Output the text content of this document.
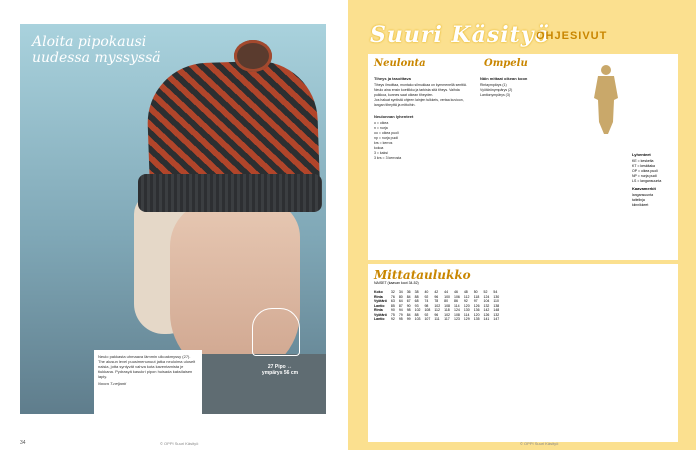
Aloita pipokausi uudessa myssyssä
27 Pipo ↔
ympärys 56 cm
Neulo pakkasta uhmaava lämmin ulkoakmyssy (27). The alusun level puusimenunuut jatka neuloima uloselt naisia, jotta syntyvät vahva kota kaventamista je tiukkana. Pydrasyä kasukri pipon huisada kaksilaisen lapiy.
Noora T-neljanti
34	© OPPI Suuri Käsityö
Suuri Käsityö
OHJESIVUT
Neulonta
Tiheys ja tasoittava
Tiheys ilmoittaa, montako silmukkaa on kymmenellä senttiä.
Neulo aina ensin koetilkku ja tarkista sitä tiheys. Vaihda puikkoa, kunnes saat oikean tiheyden.
Jos haluat syntistä ohjeen lainjen tulkkeis, vertaa kuvioon, langan tiheyttä ja mittoihin.
Neulonnan lyhenteet
o = oikea
n = nurja
oo = oikea puoli
np = nurja puoli
krs = kerros
kokoa
3 = kaksi
3 krs = 3 kerrosta
Ompelu
Näin mittaat oikean koon
Rintaympärys (1)
Vyötärönympärys (2)
Lantionympärys (3)
Lyhenteet
KE = keskelta
KT = keskitaka
OP = oikea puoli
NP = nurja puoli
LS = langansuunta
Kaavamerkit
langansuunta
taitelinja
kiinnikkeet
Mittataulukko
NAISET (kaavan koot 34-52)
Koko	32	34	36	38	40	42	44	46	48	50	52	54
Rinta	76	80	84	88	92	96	100	106	112	118	124	130
Vyötärö	63	64	67	68	74	78	80	86	92	97	104	110
Lantio	85	87	90	93	98	102	108	114	120	126	132	138
Rinta	90	94	98	102	108	112	118	124	130	136	142	148
Vyötärö	75	79	84	88	92	96	102	108	114	120	126	132
Lantio	92	95	99	103	107	111	117	123	129	135	141	147
© OPPI Suuri Käsityö
